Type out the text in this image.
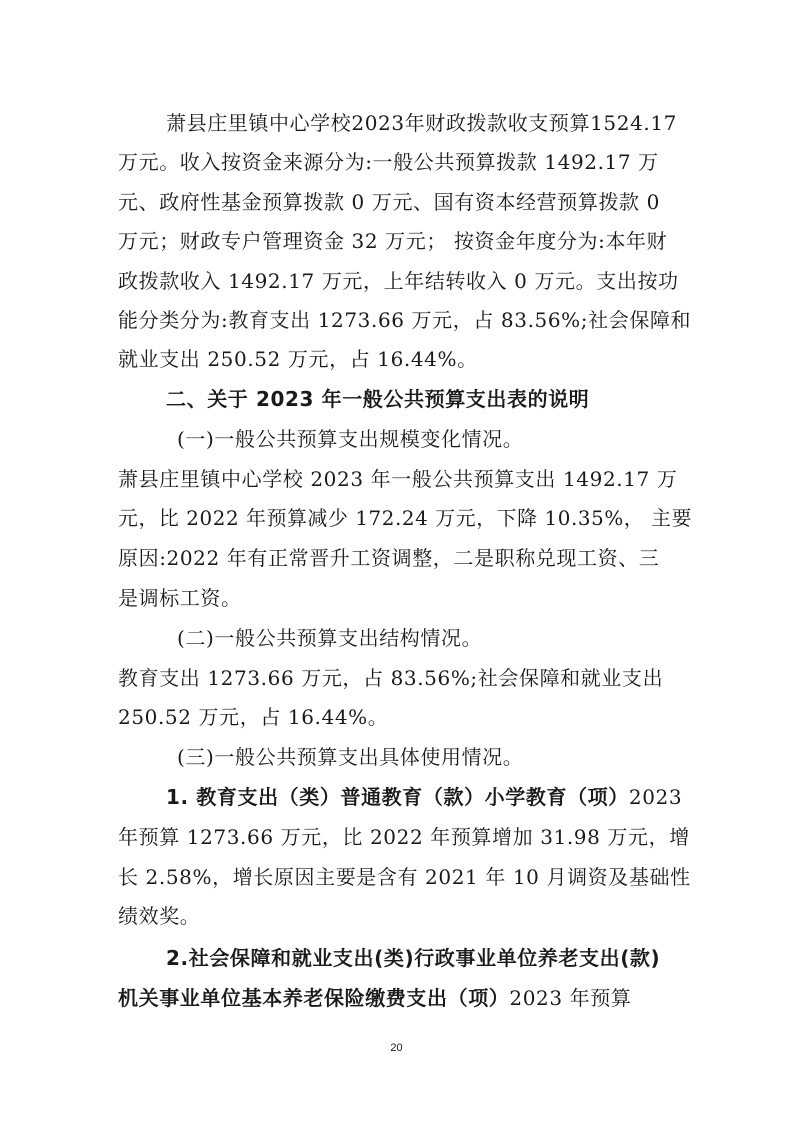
萧县庄里镇中心学校2023年财政拨款收支预算1524.17
万元。收入按资金来源分为:一般公共预算拨款 1492.17 万
元、政府性基金预算拨款 0 万元、国有资本经营预算拨款 0
万元；财政专户管理资金 32 万元； 按资金年度分为:本年财
政拨款收入 1492.17 万元，上年结转收入 0 万元。支出按功
能分类分为:教育支出 1273.66 万元，占 83.56%;社会保障和
就业支出 250.52 万元，占 16.44%。
二、关于 2023 年一般公共预算支出表的说明
(一)一般公共预算支出规模变化情况。
萧县庄里镇中心学校 2023 年一般公共预算支出 1492.17 万
元，比 2022 年预算减少 172.24 万元，下降 10.35%， 主要
原因:2022 年有正常晋升工资调整，二是职称兑现工资、三
是调标工资。
(二)一般公共预算支出结构情况。
教育支出 1273.66 万元，占 83.56%;社会保障和就业支出
250.52 万元，占 16.44%。
(三)一般公共预算支出具体使用情况。
1. 教育支出（类）普通教育（款）小学教育（项）2023
年预算 1273.66 万元，比 2022 年预算增加 31.98 万元，增
长 2.58%，增长原因主要是含有 2021 年 10 月调资及基础性
绩效奖。
2.社会保障和就业支出(类)行政事业单位养老支出(款)
机关事业单位基本养老保险缴费支出（项）2023 年预算
20
